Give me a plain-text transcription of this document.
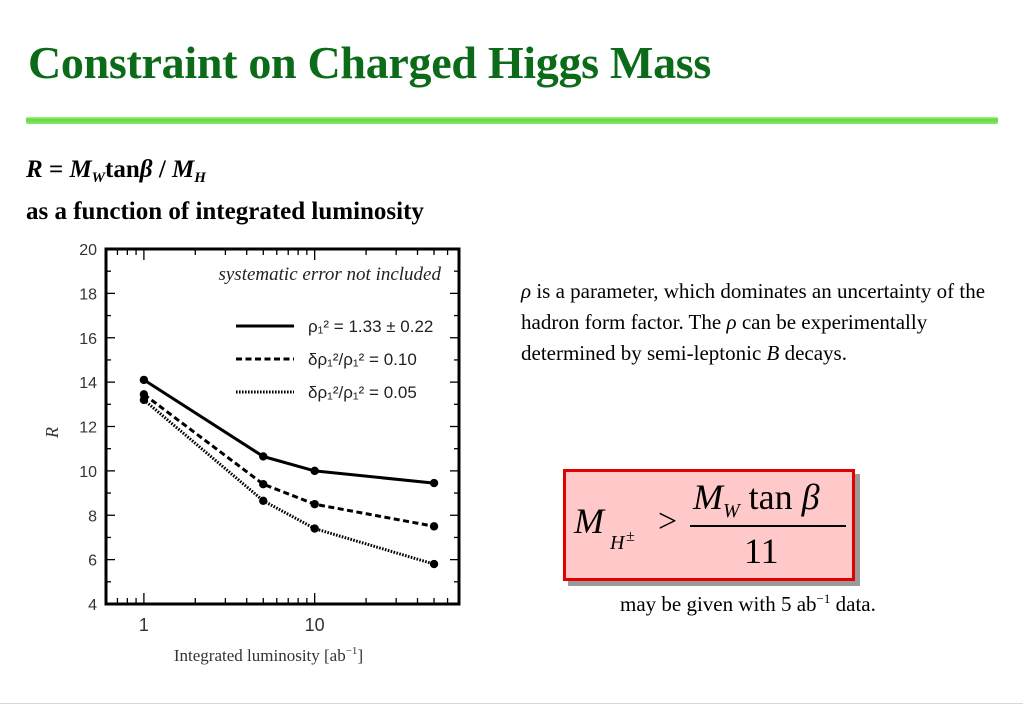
Constraint on Charged Higgs Mass
$R = M_W\tan\beta / M_H$
as a function of integrated luminosity
4
6
8
10
12
14
16
18
20
1	10
Integrated luminosity $[ab^{-1}]$
R
systematic error not included
ρ₁² = 1.33 ± 0.22
δρ₁²/ρ₁² = 0.10
δρ₁²/ρ₁² = 0.05
ρ is a parameter, which dominates an uncertainty of the hadron form factor. The ρ can be experimentally determined by semi-leptonic B decays.
M
H ± >
$M_W$ tan β
11
may be given with 5 $ab^{-1}$ data.
